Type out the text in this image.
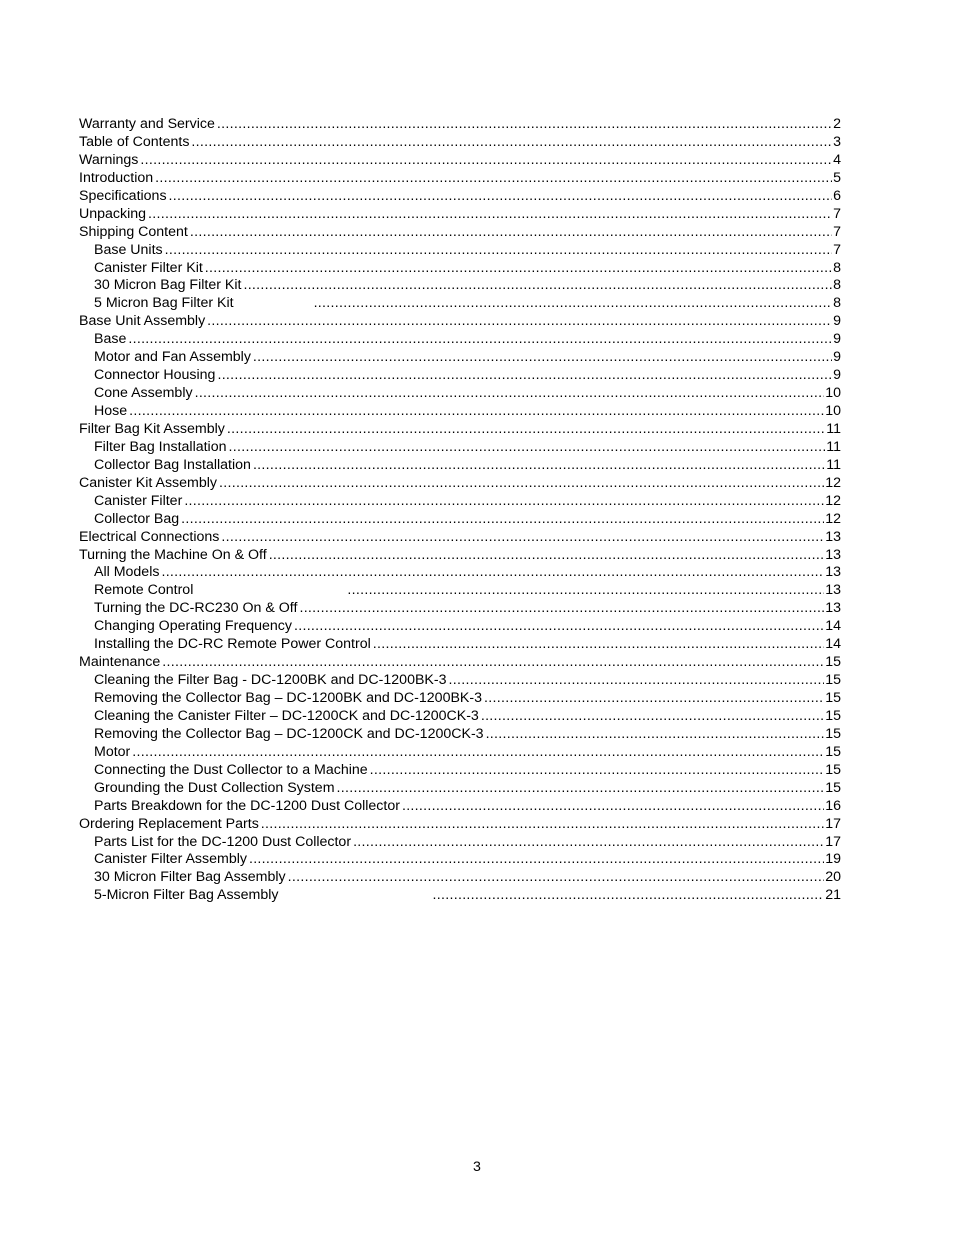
Warranty and Service .....	2
Table of Contents .....	3
Warnings .....	4
Introduction .....	5
Specifications .....	6
Unpacking .....	7
Shipping Content .....	7
Base Units .....	7
Canister Filter Kit .....	8
30 Micron Bag Filter Kit .....	8
5 Micron Bag Filter Kit .....	8
Base Unit Assembly .....	9
Base .....	9
Motor and Fan Assembly .....	9
Connector Housing .....	9
Cone Assembly .....	10
Hose .....	10
Filter Bag Kit Assembly .....	11
Filter Bag Installation .....	11
Collector Bag Installation .....	11
Canister Kit Assembly .....	12
Canister Filter .....	12
Collector Bag .....	12
Electrical Connections .....	13
Turning the Machine On & Off .....	13
All Models .....	13
Remote Control .....	13
Turning the DC-RC230 On & Off .....	13
Changing Operating Frequency .....	14
Installing the DC-RC Remote Power Control .....	14
Maintenance .....	15
Cleaning the Filter Bag - DC-1200BK and DC-1200BK-3 .....	15
Removing the Collector Bag – DC-1200BK and DC-1200BK-3 .....	15
Cleaning the Canister Filter – DC-1200CK and DC-1200CK-3 .....	15
Removing the Collector Bag – DC-1200CK and DC-1200CK-3 .....	15
Motor .....	15
Connecting the Dust Collector to a Machine .....	15
Grounding the Dust Collection System .....	15
Parts Breakdown for the DC-1200 Dust Collector .....	16
Ordering Replacement Parts .....	17
Parts List for the DC-1200 Dust Collector .....	17
Canister Filter Assembly .....	19
30 Micron Filter Bag Assembly .....	20
5-Micron Filter Bag Assembly .....	21
3
